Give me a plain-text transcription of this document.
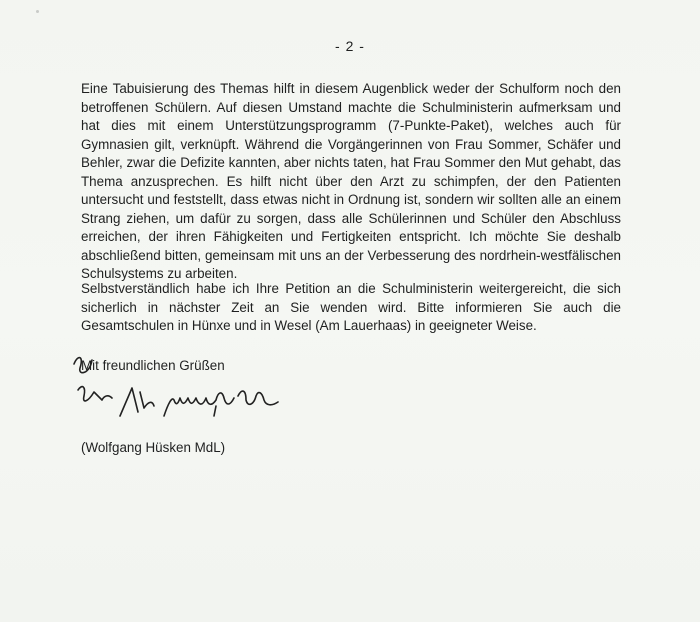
- 2 -

Eine Tabuisierung des Themas hilft in diesem Augenblick weder der Schulform noch den betroffenen Schülern. Auf diesen Umstand machte die Schulministerin aufmerksam und hat dies mit einem Unterstützungsprogramm (7-Punkte-Paket), welches auch für Gymnasien gilt, verknüpft. Während die Vorgängerinnen von Frau Sommer, Schäfer und Behler, zwar die Defizite kannten, aber nichts taten, hat Frau Sommer den Mut gehabt, das Thema anzusprechen. Es hilft nicht über den Arzt zu schimpfen, der den Patienten untersucht und feststellt, dass etwas nicht in Ordnung ist, sondern wir sollten alle an einem Strang ziehen, um dafür zu sorgen, dass alle Schülerinnen und Schüler den Abschluss erreichen, der ihren Fähigkeiten und Fertigkeiten entspricht. Ich möchte Sie deshalb abschließend bitten, gemeinsam mit uns an der Verbesserung des nordrhein-westfälischen Schulsystems zu arbeiten.

Selbstverständlich habe ich Ihre Petition an die Schulministerin weitergereicht, die sich sicherlich in nächster Zeit an Sie wenden wird. Bitte informieren Sie auch die Gesamtschulen in Hünxe und in Wesel (Am Lauerhaas) in geeigneter Weise.

Mit freundlichen Grüßen
(Wolfgang Hüsken MdL)
